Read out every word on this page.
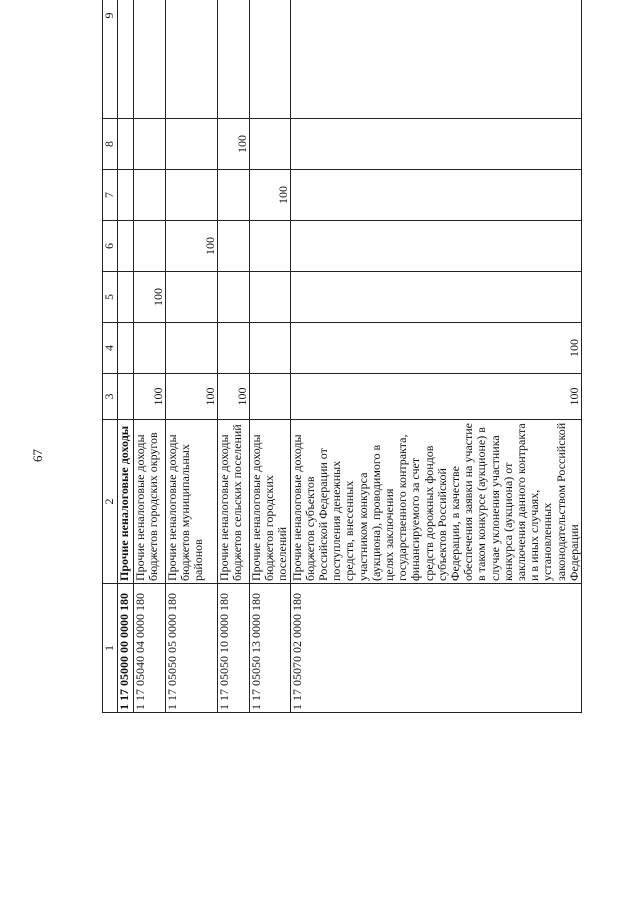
67
1	2	3	4	5	6	7	8	9
1 17 05000 00 0000 180	Прочие неналоговые доходы							
1 17 05040 04 0000 180	Прочие неналоговые доходы бюджетов городских округов	100		100				
1 17 05050 05 0000 180	Прочие неналоговые доходы бюджетов муниципальных районов	100			100			
1 17 05050 10 0000 180	Прочие неналоговые доходы бюджетов сельских поселений	100					100	
1 17 05050 13 0000 180	Прочие неналоговые доходы бюджетов городских поселений					100		
1 17 05070 02 0000 180	Прочие неналоговые доходы бюджетов субъектов Российской Федерации от поступления денежных средств, внесенных участником конкурса (аукциона), проводимого в целях заключения государственного контракта, финансируемого за счет средств дорожных фондов субъектов Российской Федерации, в качестве обеспечения заявки на участие в таком конкурсе (аукционе) в случае уклонения участника конкурса (аукциона) от заключения данного контракта и в иных случаях, установленных законодательством Российской Федерации	100	100					
